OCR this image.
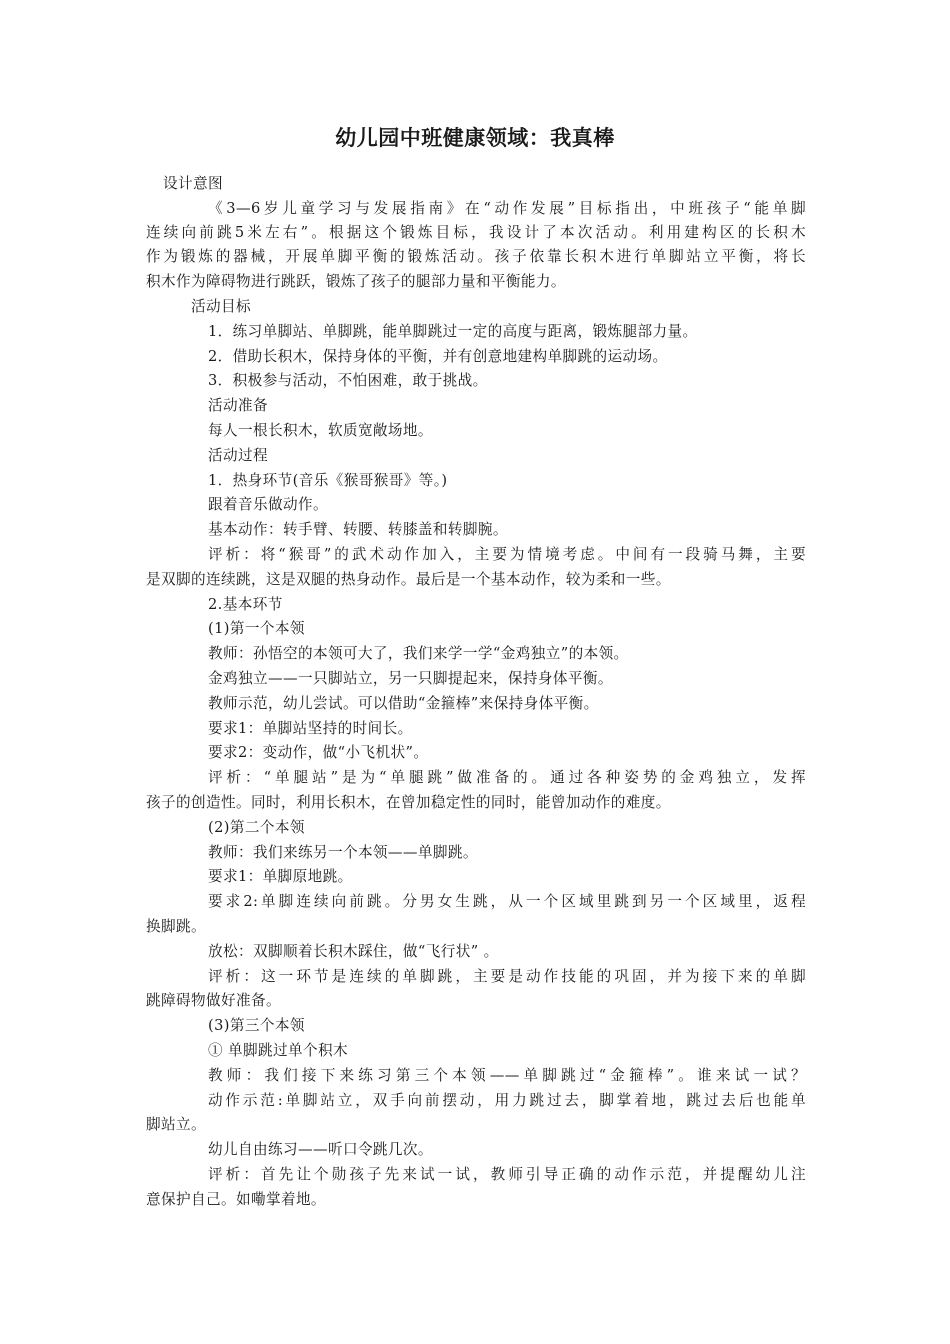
幼儿园中班健康领域：我真棒

设计意图

《3—6岁儿童学习与发展指南》在“动作发展”目标指出，中班孩子“能单脚

连续向前跳5米左右”。根据这个锻炼目标，我设计了本次活动。利用建构区的长积木

作为锻炼的器械，开展单脚平衡的锻炼活动。孩子依靠长积木进行单脚站立平衡，将长

积木作为障碍物进行跳跃，锻炼了孩子的腿部力量和平衡能力。

活动目标

1．练习单脚站、单脚跳，能单脚跳过一定的高度与距离，锻炼腿部力量。

2．借助长积木，保持身体的平衡，并有创意地建构单脚跳的运动场。

3．积极参与活动，不怕困难，敢于挑战。

活动准备

每人一根长积木，软质宽敞场地。

活动过程

1．热身环节(音乐《猴哥猴哥》等。)

跟着音乐做动作。

基本动作：转手臂、转腰、转膝盖和转脚腕。

评析：将“猴哥”的武术动作加入，主要为情境考虑。中间有一段骑马舞，主要

是双脚的连续跳，这是双腿的热身动作。最后是一个基本动作，较为柔和一些。

2.基本环节

(1)第一个本领

教师：孙悟空的本领可大了，我们来学一学“金鸡独立”的本领。

金鸡独立——一只脚站立，另一只脚提起来，保持身体平衡。

教师示范，幼儿尝试。可以借助“金箍棒”来保持身体平衡。

要求1：单脚站坚持的时间长。

要求2：变动作，做“小飞机状”。

评析：“单腿站”是为“单腿跳”做准备的。通过各种姿势的金鸡独立，发挥

孩子的创造性。同时，利用长积木，在曾加稳定性的同时，能曾加动作的难度。

(2)第二个本领

教师：我们来练另一个本领——单脚跳。

要求1：单脚原地跳。

要求2:单脚连续向前跳。分男女生跳，从一个区域里跳到另一个区域里，返程

换脚跳。

放松：双脚顺着长积木踩住，做“飞行状” 。

评析：这一环节是连续的单脚跳，主要是动作技能的巩固，并为接下来的单脚

跳障碍物做好准备。

(3)第三个本领

① 单脚跳过单个积木

教师：我们接下来练习第三个本领——单脚跳过“金箍棒”。谁来试一试？

动作示范:单脚站立，双手向前摆动，用力跳过去，脚掌着地，跳过去后也能单

脚站立。

幼儿自由练习——听口令跳几次。

评析：首先让个勋孩子先来试一试，教师引导正确的动作示范，并提醒幼儿注

意保护自己。如嘞掌着地。
